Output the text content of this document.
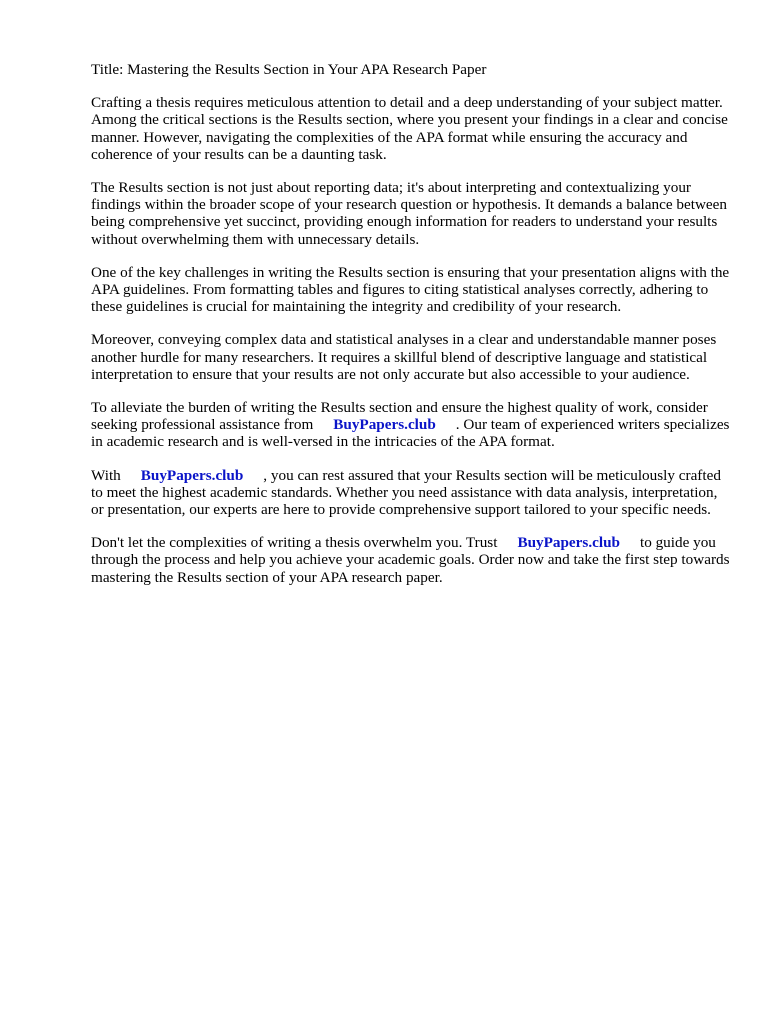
Title: Mastering the Results Section in Your APA Research Paper

Crafting a thesis requires meticulous attention to detail and a deep understanding of your subject matter. Among the critical sections is the Results section, where you present your findings in a clear and concise manner. However, navigating the complexities of the APA format while ensuring the accuracy and coherence of your results can be a daunting task.

The Results section is not just about reporting data; it's about interpreting and contextualizing your findings within the broader scope of your research question or hypothesis. It demands a balance between being comprehensive yet succinct, providing enough information for readers to understand your results without overwhelming them with unnecessary details.

One of the key challenges in writing the Results section is ensuring that your presentation aligns with the APA guidelines. From formatting tables and figures to citing statistical analyses correctly, adhering to these guidelines is crucial for maintaining the integrity and credibility of your research.

Moreover, conveying complex data and statistical analyses in a clear and understandable manner poses another hurdle for many researchers. It requires a skillful blend of descriptive language and statistical interpretation to ensure that your results are not only accurate but also accessible to your audience.

To alleviate the burden of writing the Results section and ensure the highest quality of work, consider seeking professional assistance from BuyPapers.club . Our team of experienced writers specializes in academic research and is well-versed in the intricacies of the APA format.

With BuyPapers.club , you can rest assured that your Results section will be meticulously crafted to meet the highest academic standards. Whether you need assistance with data analysis, interpretation, or presentation, our experts are here to provide comprehensive support tailored to your specific needs.

Don't let the complexities of writing a thesis overwhelm you. Trust BuyPapers.club to guide you through the process and help you achieve your academic goals. Order now and take the first step towards mastering the Results section of your APA research paper.
